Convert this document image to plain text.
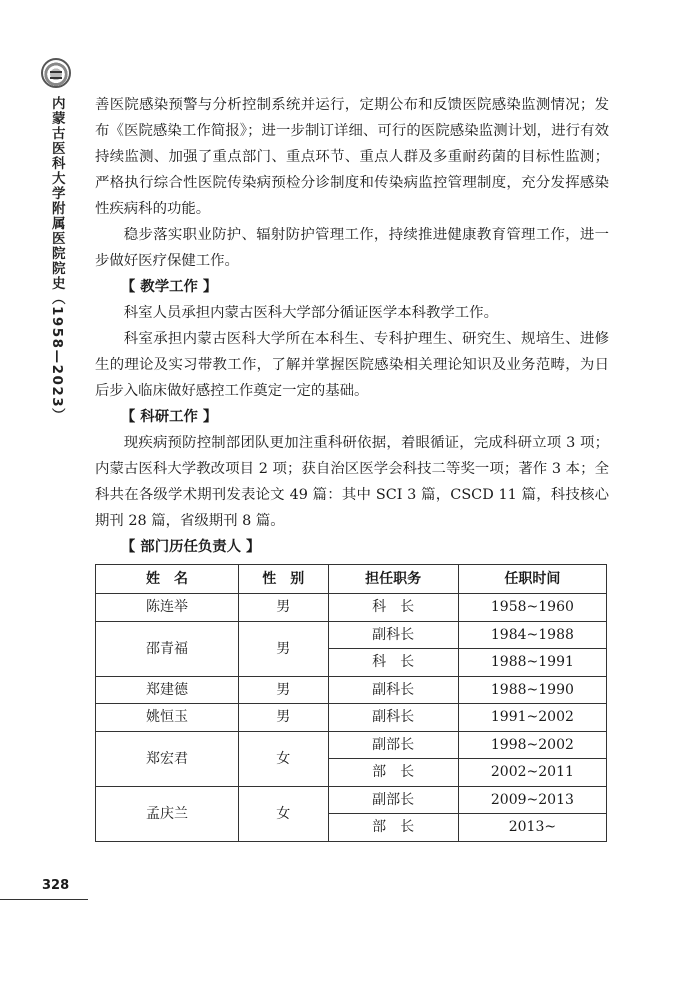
内蒙古医科大学附属医院院史（1958—2023） 善医院感染预警与分析控制系统并运行，定期公布和反馈医院感染监测情况；发布《医院感染工作简报》；进一步制订详细、可行的医院感染监测计划，进行有效持续监测、加强了重点部门、重点环节、重点人群及多重耐药菌的目标性监测；严格执行综合性医院传染病预检分诊制度和传染病监控管理制度，充分发挥感染性疾病科的功能。

稳步落实职业防护、辐射防护管理工作，持续推进健康教育管理工作，进一步做好医疗保健工作。

【 教学工作 】

科室人员承担内蒙古医科大学部分循证医学本科教学工作。

科室承担内蒙古医科大学所在本科生、专科护理生、研究生、规培生、进修生的理论及实习带教工作，了解并掌握医院感染相关理论知识及业务范畴，为日后步入临床做好感控工作奠定一定的基础。

【 科研工作 】

现疾病预防控制部团队更加注重科研依据，着眼循证，完成科研立项 3 项；内蒙古医科大学教改项目 2 项；获自治区医学会科技二等奖一项；著作 3 本；全科共在各级学术期刊发表论文 49 篇：其中 SCI 3 篇，CSCD 11 篇，科技核心期刊 28 篇，省级期刊 8 篇。

【 部门历任负责人 】

姓　名	性　别	担任职务	任职时间
陈连举	男	科　长	1958~1960
邵青福	男	副科长	1984~1988
		科　长	1988~1991
郑建德	男	副科长	1988~1990
姚恒玉	男	副科长	1991~2002
郑宏君	女	副部长	1998~2002
		部　长	2002~2011
孟庆兰	女	副部长	2009~2013
		部　长	2013~
328
